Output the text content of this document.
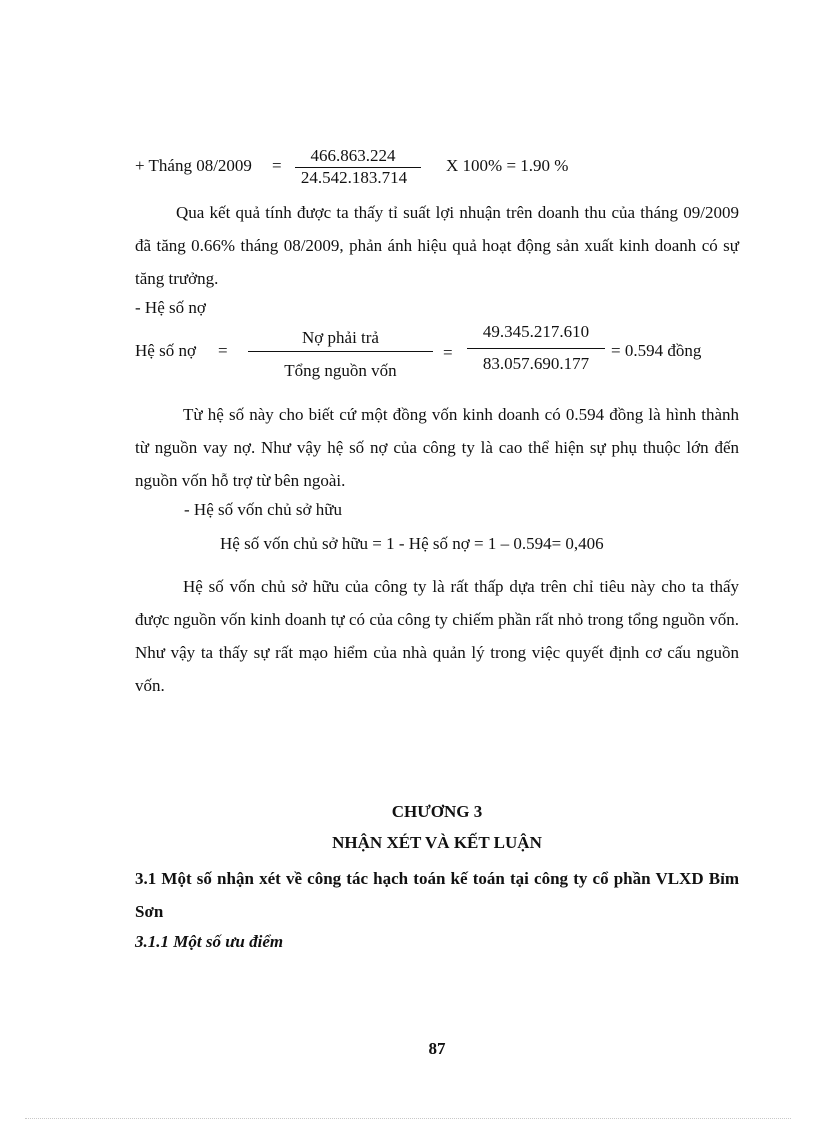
+ Tháng 08/2009 =
466.863.224
24.542.183.714
X 100% = 1.90 %
Qua kết quả tính được ta thấy tỉ suất lợi nhuận trên doanh thu của tháng 09/2009 đã tăng 0.66% tháng 08/2009, phản ánh hiệu quả hoạt động sản xuất kinh doanh có sự tăng trưởng.
- Hệ số nợ
Hệ số nợ =
Nợ phải trả
Tổng nguồn vốn
=
49.345.217.610
83.057.690.177
= 0.594 đồng
Từ hệ số này cho biết cứ một đồng vốn kinh doanh có 0.594 đồng là hình thành từ nguồn vay nợ. Như vậy hệ số nợ của công ty là cao thể hiện sự phụ thuộc lớn đến nguồn vốn hỗ trợ từ bên ngoài.
- Hệ số vốn chủ sở hữu
Hệ số vốn chủ sở hữu = 1 - Hệ số nợ = 1 – 0.594= 0,406
Hệ số vốn chủ sở hữu của công ty là rất thấp dựa trên chỉ tiêu này cho ta thấy được nguồn vốn kinh doanh tự có của công ty chiếm phần rất nhỏ trong tổng nguồn vốn. Như vậy ta thấy sự rất mạo hiểm của nhà quản lý trong việc quyết định cơ cấu nguồn vốn.
CHƯƠNG 3
NHẬN XÉT VÀ KẾT LUẬN
3.1 Một số nhận xét về công tác hạch toán kế toán tại công ty cổ phần VLXD Bỉm Sơn
3.1.1 Một số ưu điểm
87
